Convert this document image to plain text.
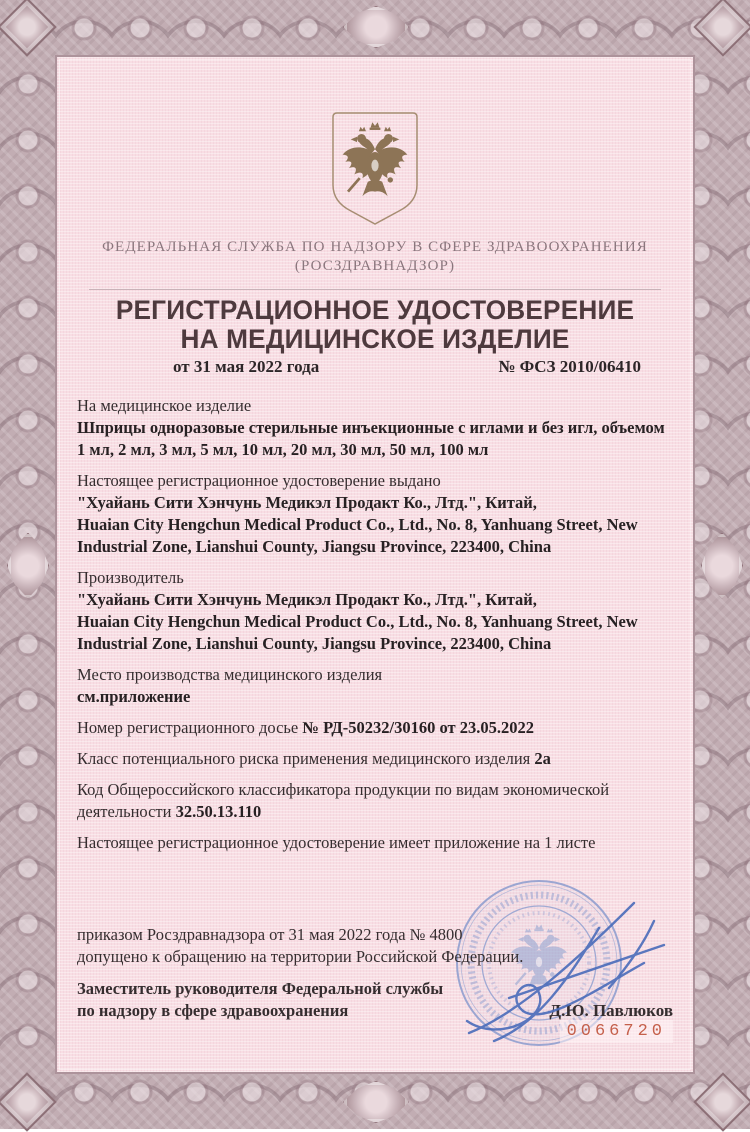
ФЕДЕРАЛЬНАЯ СЛУЖБА ПО НАДЗОРУ В СФЕРЕ ЗДРАВООХРАНЕНИЯ
(РОСЗДРАВНАДЗОР)
РЕГИСТРАЦИОННОЕ УДОСТОВЕРЕНИЕ
НА МЕДИЦИНСКОЕ ИЗДЕЛИЕ
от 31 мая 2022 года	№ ФСЗ 2010/06410

На медицинское изделие
Шприцы одноразовые стерильные инъекционные с иглами и без игл, объемом 1 мл, 2 мл, 3 мл, 5 мл, 10 мл, 20 мл, 30 мл, 50 мл, 100 мл

Настоящее регистрационное удостоверение выдано
"Хуайань Сити Хэнчунь Медикэл Продакт Ко., Лтд.", Китай,
Huaian City Hengchun Medical Product Co., Ltd., No. 8, Yanhuang Street, New Industrial Zone, Lianshui County, Jiangsu Province, 223400, China

Производитель
"Хуайань Сити Хэнчунь Медикэл Продакт Ко., Лтд.", Китай,
Huaian City Hengchun Medical Product Co., Ltd., No. 8, Yanhuang Street, New Industrial Zone, Lianshui County, Jiangsu Province, 223400, China

Место производства медицинского изделия
см.приложение

Номер регистрационного досье № РД-50232/30160 от 23.05.2022

Класс потенциального риска применения медицинского изделия 2а

Код Общероссийского классификатора продукции по видам экономической деятельности 32.50.13.110

Настоящее регистрационное удостоверение имеет приложение на 1 листе

приказом Росздравнадзора от 31 мая 2022 года № 4800
допущено к обращению на территории Российской Федерации.
Заместитель руководителя Федеральной службы
по надзору в сфере здравоохранения	Д.Ю. Павлюков
0066720
